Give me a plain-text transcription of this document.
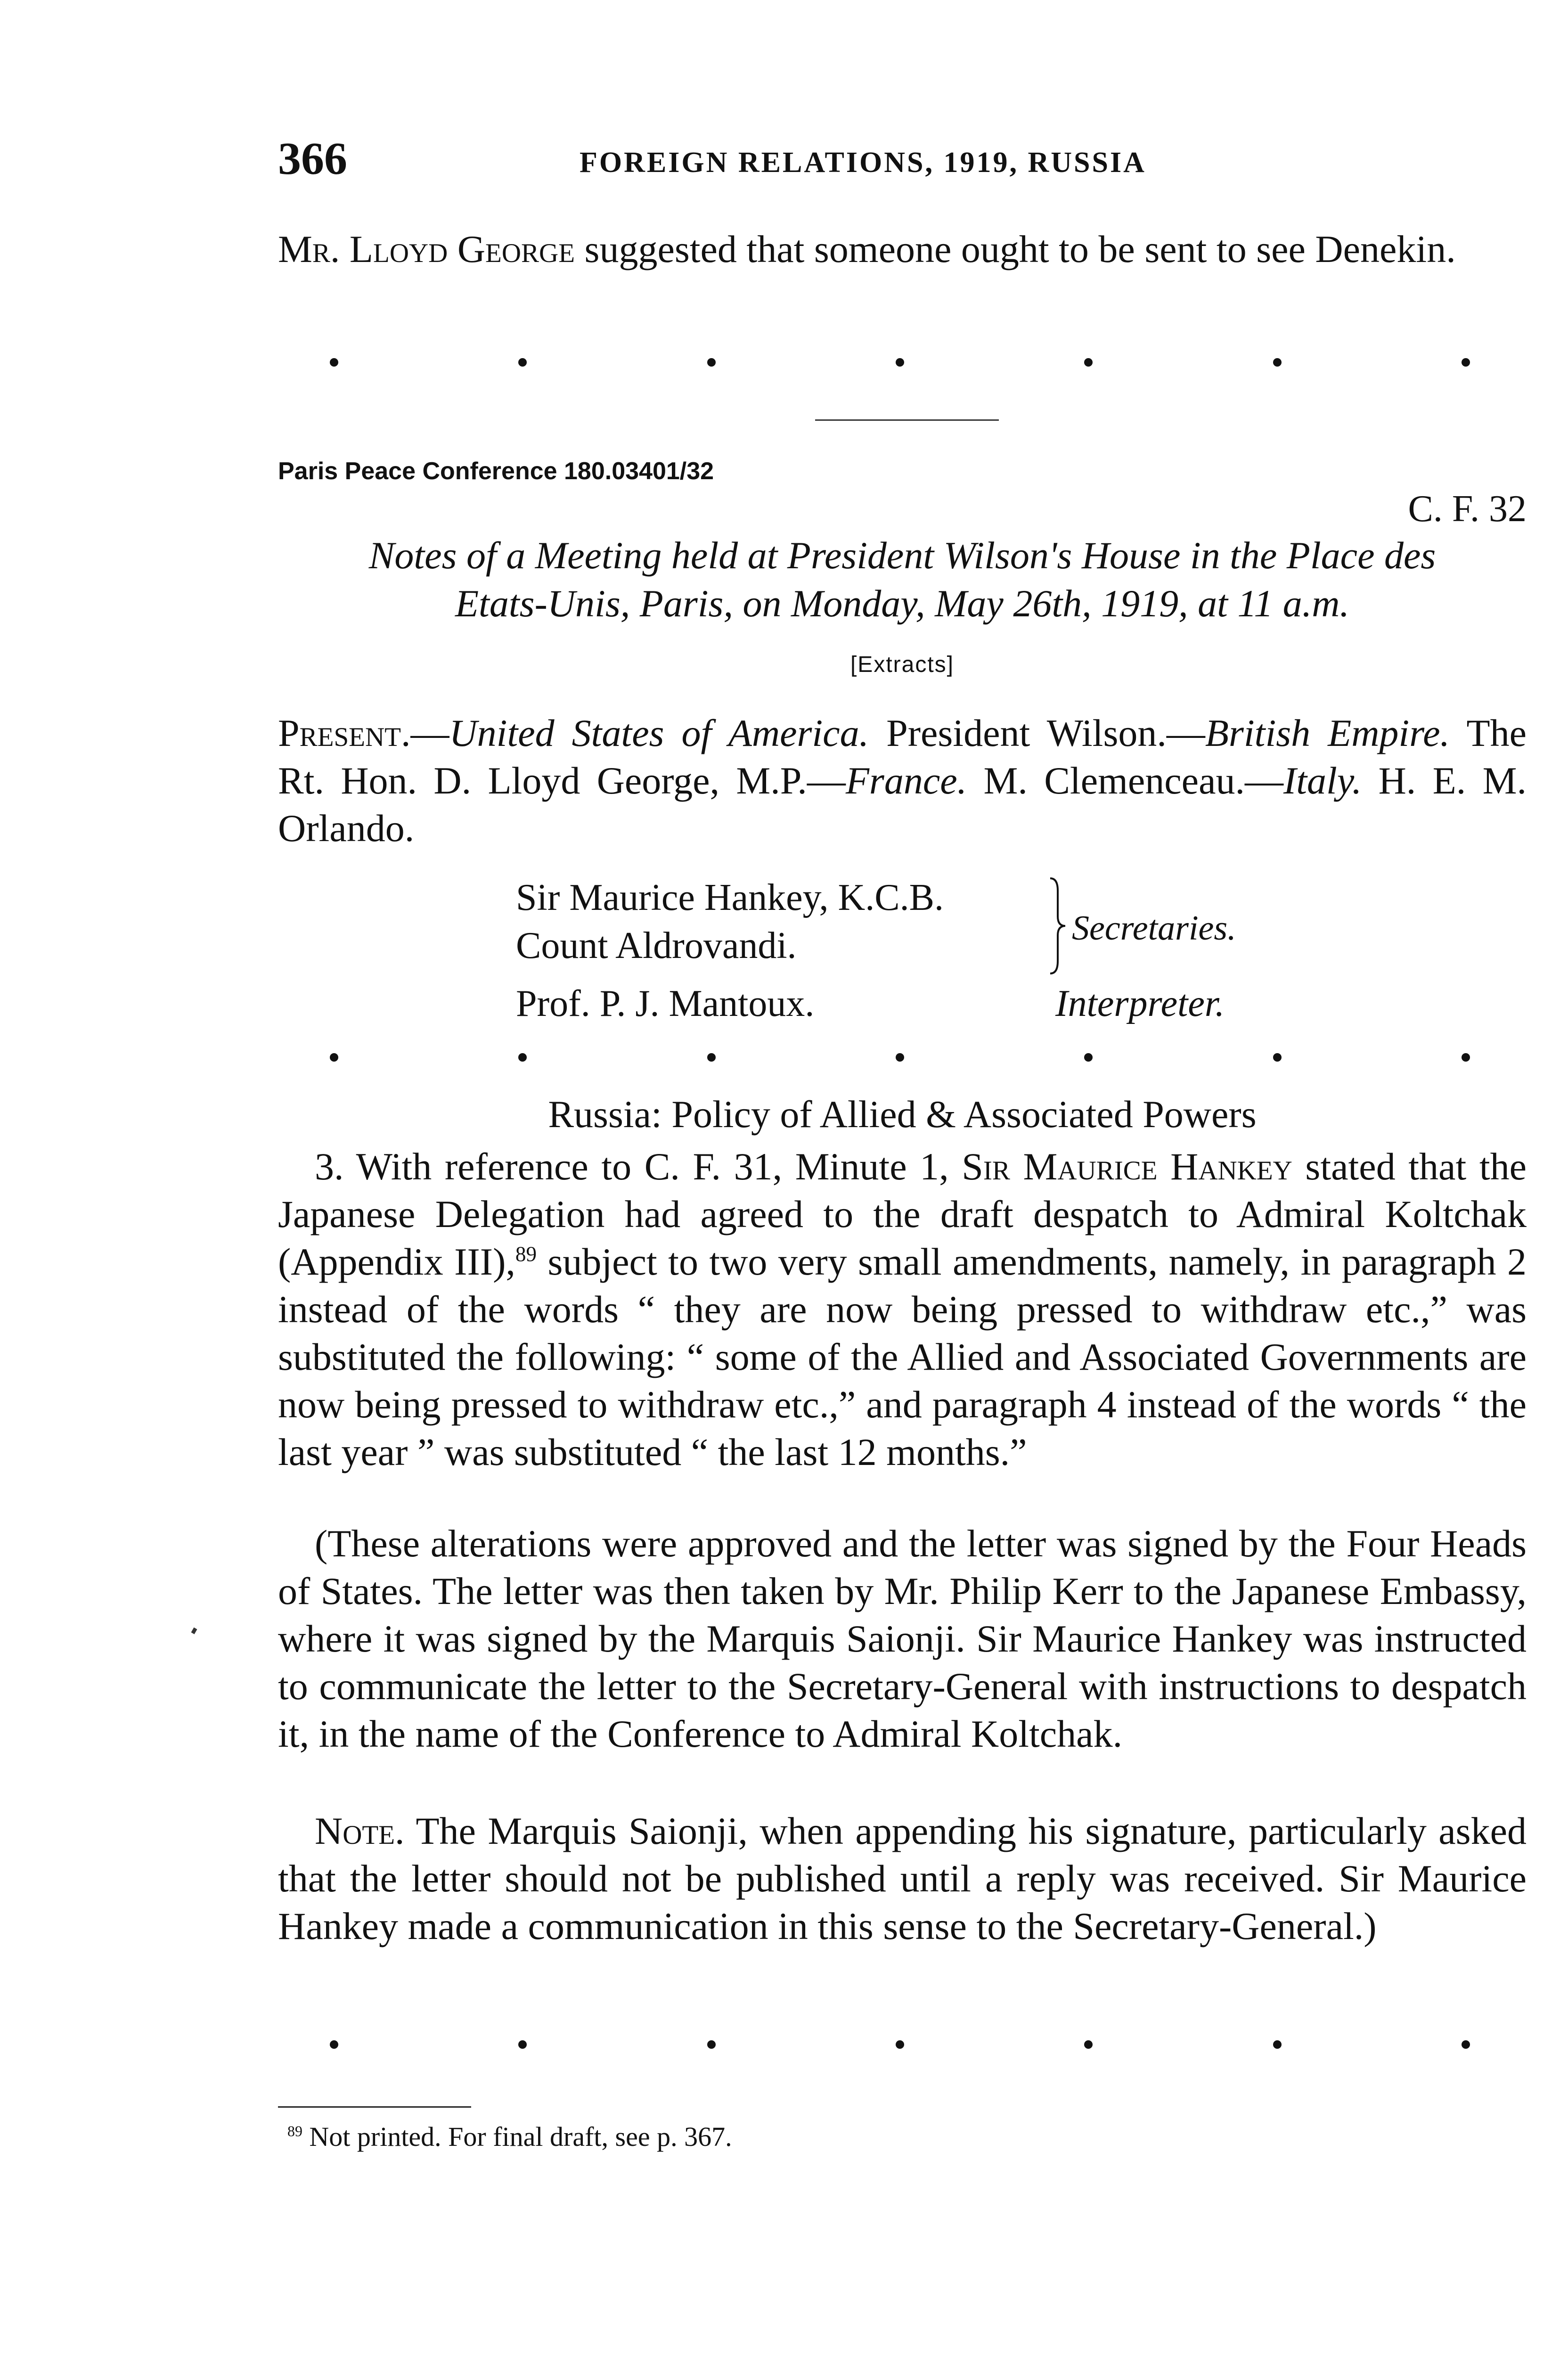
366	FOREIGN RELATIONS, 1919, RUSSIA
Mr. Lloyd George suggested that someone ought to be sent to see Denekin.
Paris Peace Conference 180.03401/32
C. F. 32
Notes of a Meeting held at President Wilson's House in the Place des
Etats-Unis, Paris, on Monday, May 26th, 1919, at 11 a.m.
[Extracts]
Present.—United States of America. President Wilson.—British Empire. The Rt. Hon. D. Lloyd George, M.P.—France. M. Clemenceau.—Italy. H. E. M. Orlando.
Sir Maurice Hankey, K.C.B.
Count Aldrovandi.	Secretaries.
Prof. P. J. Mantoux.	Interpreter.
Russia: Policy of Allied & Associated Powers
3. With reference to C. F. 31, Minute 1, Sir Maurice Hankey stated that the Japanese Delegation had agreed to the draft despatch to Admiral Koltchak (Appendix III),$^{89}$ subject to two very small amendments, namely, in paragraph 2 instead of the words “ they are now being pressed to withdraw etc.,” was substituted the following: “ some of the Allied and Associated Governments are now being pressed to withdraw etc.,” and paragraph 4 instead of the words “ the last year ” was substituted “ the last 12 months.”
(These alterations were approved and the letter was signed by the Four Heads of States. The letter was then taken by Mr. Philip Kerr to the Japanese Embassy, where it was signed by the Marquis Saionji. Sir Maurice Hankey was instructed to communicate the letter to the Secretary-General with instructions to despatch it, in the name of the Conference to Admiral Koltchak.
Note. The Marquis Saionji, when appending his signature, particularly asked that the letter should not be published until a reply was received. Sir Maurice Hankey made a communication in this sense to the Secretary-General.)
$^{89}$ Not printed. For final draft, see p. 367.
